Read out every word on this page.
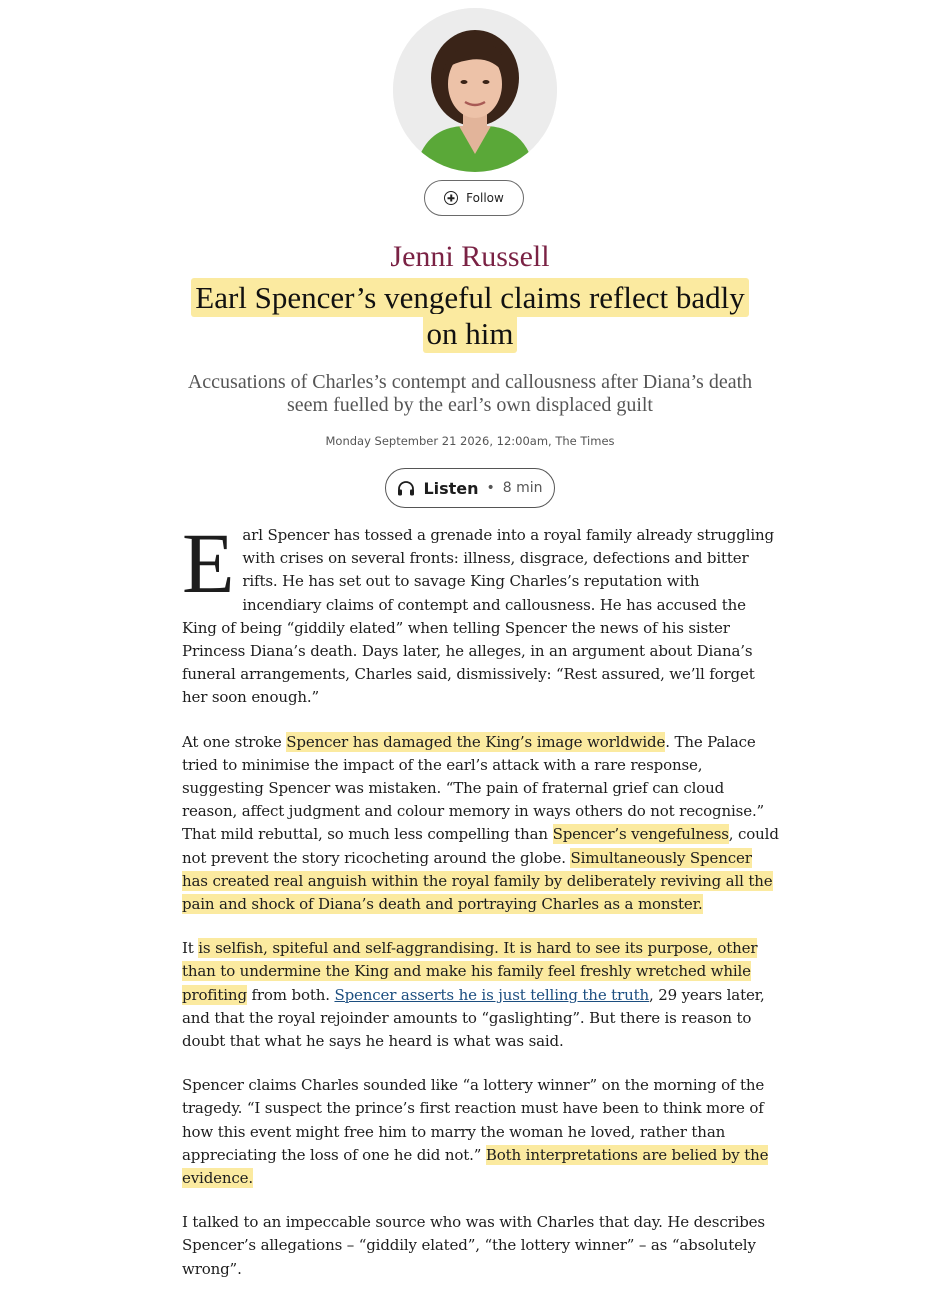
Follow
Jenni Russell
Earl Spencer’s vengeful claims reflect badly
on him
Accusations of Charles’s contempt and callousness after Diana’s death seem fuelled by the earl’s own displaced guilt
Monday September 21 2026, 12:00am, The Times
Listen • 8 min

Earl Spencer has tossed a grenade into a royal family already struggling with crises on several fronts: illness, disgrace, defections and bitter rifts. He has set out to savage King Charles’s reputation with incendiary claims of contempt and callousness. He has accused the King of being “giddily elated” when telling Spencer the news of his sister Princess Diana’s death. Days later, he alleges, in an argument about Diana’s funeral arrangements, Charles said, dismissively: “Rest assured, we’ll forget her soon enough.”

At one stroke Spencer has damaged the King’s image worldwide. The Palace tried to minimise the impact of the earl’s attack with a rare response, suggesting Spencer was mistaken. “The pain of fraternal grief can cloud reason, affect judgment and colour memory in ways others do not recognise.” That mild rebuttal, so much less compelling than Spencer’s vengefulness, could not prevent the story ricocheting around the globe. Simultaneously Spencer has created real anguish within the royal family by deliberately reviving all the pain and shock of Diana’s death and portraying Charles as a monster.

It is selfish, spiteful and self-aggrandising. It is hard to see its purpose, other than to undermine the King and make his family feel freshly wretched while profiting from both. Spencer asserts he is just telling the truth, 29 years later, and that the royal rejoinder amounts to “gaslighting”. But there is reason to doubt that what he says he heard is what was said.

Spencer claims Charles sounded like “a lottery winner” on the morning of the tragedy. “I suspect the prince’s first reaction must have been to think more of how this event might free him to marry the woman he loved, rather than appreciating the loss of one he did not.” Both interpretations are belied by the evidence.

I talked to an impeccable source who was with Charles that day. He describes Spencer’s allegations – “giddily elated”, “the lottery winner” – as “absolutely wrong”.
